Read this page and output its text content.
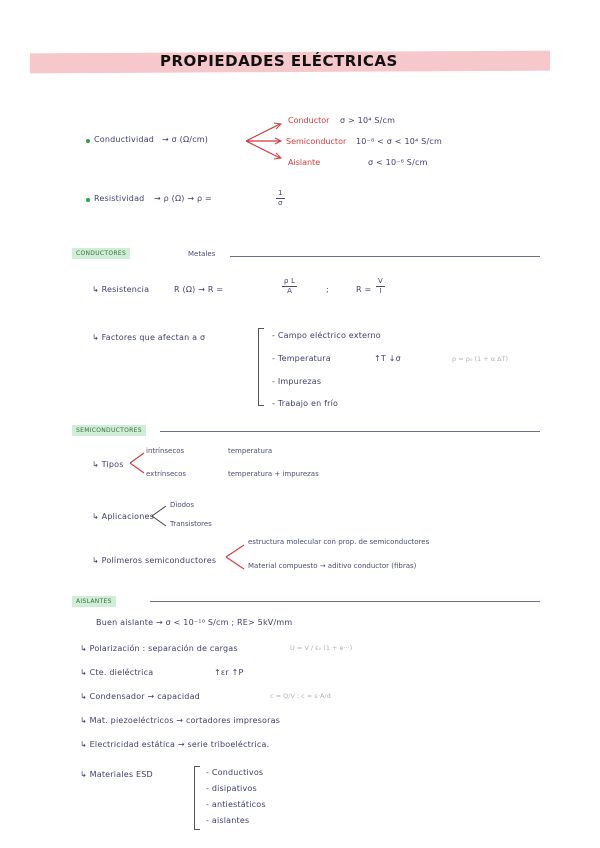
PROPIEDADES ELÉCTRICAS
Conductividad → σ (Ω/cm)
Conductor σ > 10⁴ S/cm
Semiconductor 10⁻⁸ < σ < 10⁴ S/cm
Aislante	σ < 10⁻⁸ S/cm
Resistividad → ρ (Ω) → ρ =	$\frac{1}{\sigma}$
CONDUCTORES	Metales
↳ Resistencia	R (Ω) → R =	$\frac{\text{ρ L}}{A}$	;	$R = \frac{V}{I}$
↳ Factores que afectan a σ	- Campo eléctrico externo
- Temperatura	↑T ↓σ	ρ = ρ₀ (1 + α ΔT)
- Impurezas
- Trabajo en frío
SEMICONDUCTORES
↳ Tipos
intrínsecos	temperatura
extrínsecos	temperatura + impurezas
↳ Aplicaciones
Diodos
Transistores
↳ Polímeros semiconductores
estructura molecular con prop. de semiconductores
Material compuesto → aditivo conductor (fibras)
AISLANTES
Buen aislante → σ < 10⁻¹⁰ S/cm ; RE> 5kV/mm
↳ Polarización : separación de cargas	U = V / ε₀ (1 + e···)
↳ Cte. dieléctrica	↑εr ↑P
↳ Condensador → capacidad	c = Q/V ; c = ε·A/d
↳ Mat. piezoeléctricos → cortadores impresoras
↳ Electricidad estática → serie triboeléctrica.
↳ Materiales ESD	- Conductivos
- disipativos
- antiestáticos
- aislantes
